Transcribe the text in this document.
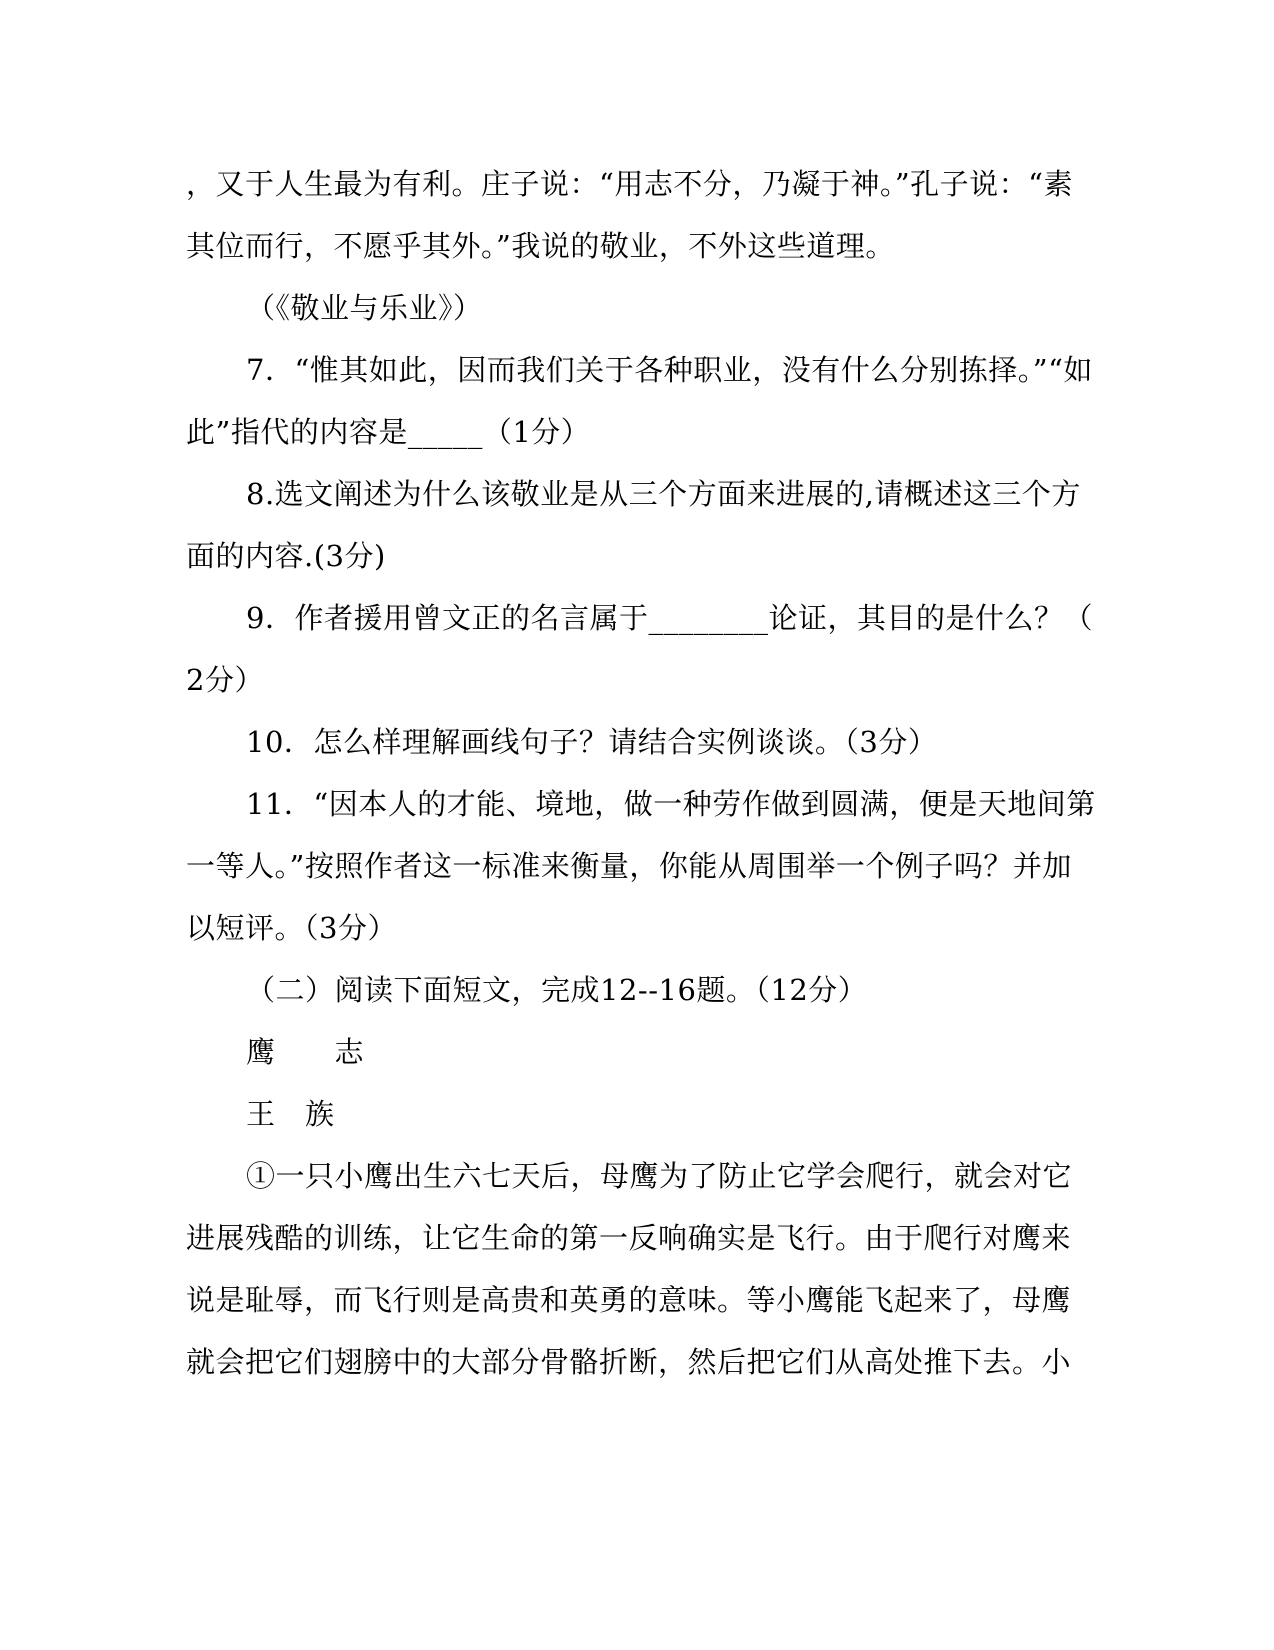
，又于人生最为有利。庄子说：“用志不分，乃凝于神。”孔子说：“素
其位而行，不愿乎其外。”我说的敬业，不外这些道理。
（《敬业与乐业》）
7．“惟其如此，因而我们关于各种职业，没有什么分别拣择。”“如
此”指代的内容是_____（1分）
8.选文阐述为什么该敬业是从三个方面来进展的,请概述这三个方
面的内容.(3分)
9．作者援用曾文正的名言属于________论证，其目的是什么？（
2分）
10．怎么样理解画线句子？请结合实例谈谈。（3分）
11．“因本人的才能、境地，做一种劳作做到圆满，便是天地间第
一等人。”按照作者这一标准来衡量，你能从周围举一个例子吗？并加
以短评。（3分）
（二）阅读下面短文，完成12--16题。（12分）
鹰　　志
王　族
①一只小鹰出生六七天后，母鹰为了防止它学会爬行，就会对它
进展残酷的训练，让它生命的第一反响确实是飞行。由于爬行对鹰来
说是耻辱，而飞行则是高贵和英勇的意味。等小鹰能飞起来了，母鹰
就会把它们翅膀中的大部分骨骼折断，然后把它们从高处推下去。小
